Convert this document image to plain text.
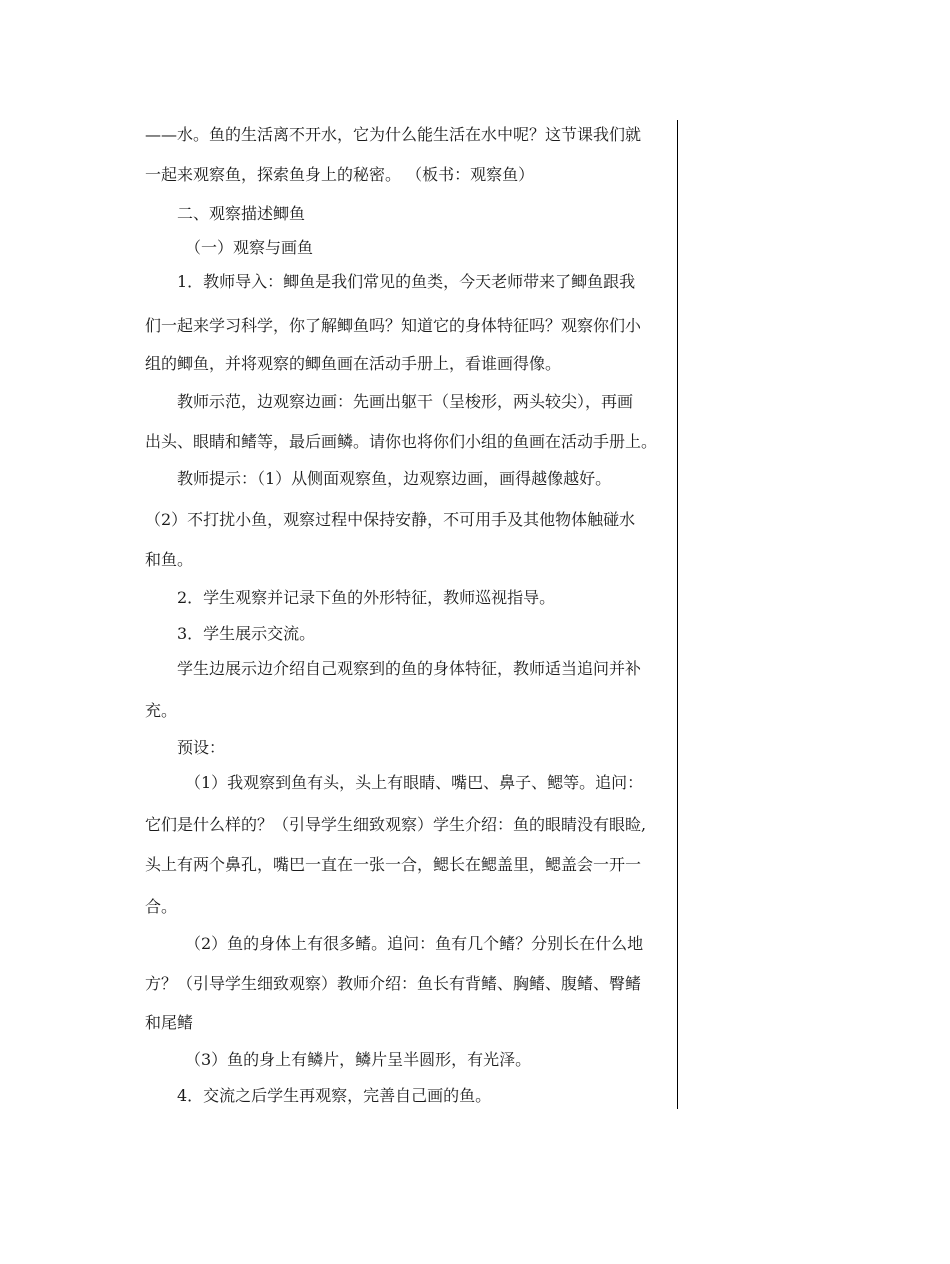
——水。鱼的生活离不开水，它为什么能生活在水中呢？这节课我们就
一起来观察鱼，探索鱼身上的秘密。 （板书：观察鱼）
二、观察描述鲫鱼
（一）观察与画鱼
1．教师导入：鲫鱼是我们常见的鱼类，今天老师带来了鲫鱼跟我
们一起来学习科学，你了解鲫鱼吗？知道它的身体特征吗？观察你们小
组的鲫鱼，并将观察的鲫鱼画在活动手册上，看谁画得像。
教师示范，边观察边画：先画出躯干（呈梭形，两头较尖），再画
出头、眼睛和鳍等，最后画鳞。请你也将你们小组的鱼画在活动手册上。
教师提示：（1）从侧面观察鱼，边观察边画，画得越像越好。
（2）不打扰小鱼，观察过程中保持安静，不可用手及其他物体触碰水
和鱼。
2．学生观察并记录下鱼的外形特征，教师巡视指导。
3．学生展示交流。
学生边展示边介绍自己观察到的鱼的身体特征，教师适当追问并补
充。
预设：
（1）我观察到鱼有头，头上有眼睛、嘴巴、鼻子、鳃等。追问：
它们是什么样的？（引导学生细致观察）学生介绍：鱼的眼睛没有眼睑,
头上有两个鼻孔，嘴巴一直在一张一合，鳃长在鳃盖里，鳃盖会一开一
合。
（2）鱼的身体上有很多鳍。追问：鱼有几个鳍？分别长在什么地
方？（引导学生细致观察）教师介绍：鱼长有背鳍、胸鳍、腹鳍、臀鳍
和尾鳍
（3）鱼的身上有鳞片，鳞片呈半圆形，有光泽。
4．交流之后学生再观察，完善自己画的鱼。
